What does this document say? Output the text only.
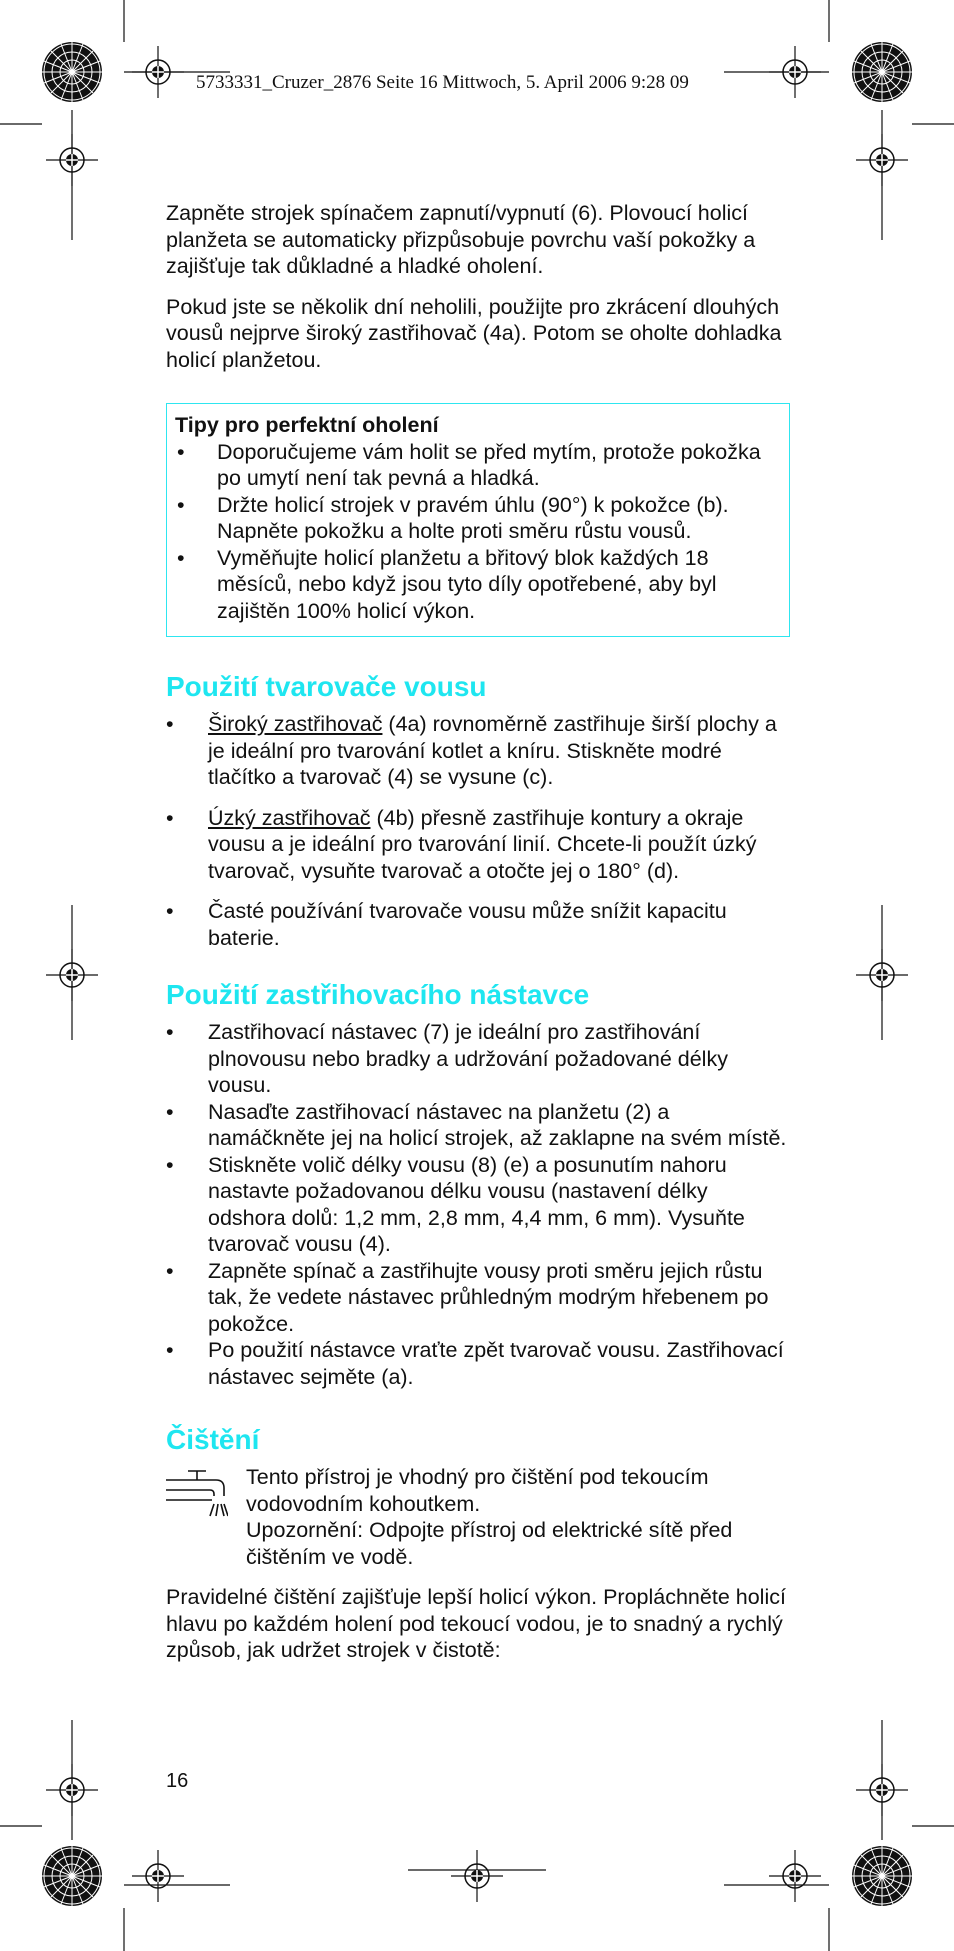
5733331_Cruzer_2876 Seite 16 Mittwoch, 5. April 2006 9:28 09

Zapněte strojek spínačem zapnutí/vypnutí (6). Plovoucí holicí planžeta se automaticky přizpůsobuje povrchu vaší pokožky a zajišťuje tak důkladné a hladké oholení.

Pokud jste se několik dní neholili, použijte pro zkrácení dlouhých vousů nejprve široký zastřihovač (4a). Potom se oholte dohladka holicí planžetou.

Tipy pro perfektní oholení
• Doporučujeme vám holit se před mytím, protože pokožka po umytí není tak pevná a hladká.
• Držte holicí strojek v pravém úhlu (90°) k pokožce (b). Napněte pokožku a holte proti směru růstu vousů.
• Vyměňujte holicí planžetu a břitový blok každých 18 měsíců, nebo když jsou tyto díly opotřebené, aby byl zajištěn 100% holicí výkon.
Použití tvarovače vousu
• Široký zastřihovač (4a) rovnoměrně zastřihuje širší plochy a je ideální pro tvarování kotlet a kníru. Stiskněte modré tlačítko a tvarovač (4) se vysune (c).
• Úzký zastřihovač (4b) přesně zastřihuje kontury a okraje vousu a je ideální pro tvarování linií. Chcete-li použít úzký tvarovač, vysuňte tvarovač a otočte jej o 180° (d).
• Časté používání tvarovače vousu může snížit kapacitu baterie.
Použití zastřihovacího nástavce
• Zastřihovací nástavec (7) je ideální pro zastřihování plnovousu nebo bradky a udržování požadované délky vousu.
• Nasaďte zastřihovací nástavec na planžetu (2) a namáčkněte jej na holicí strojek, až zaklapne na svém místě.
• Stiskněte volič délky vousu (8) (e) a posunutím nahoru nastavte požadovanou délku vousu (nastavení délky odshora dolů: 1,2 mm, 2,8 mm, 4,4 mm, 6 mm). Vysuňte tvarovač vousu (4).
• Zapněte spínač a zastřihujte vousy proti směru jejich růstu tak, že vedete nástavec průhledným modrým hřebenem po pokožce.
• Po použití nástavce vraťte zpět tvarovač vousu. Zastřihovací nástavec sejměte (a).
Čištění
Tento přístroj je vhodný pro čištění pod tekoucím vodovodním kohoutkem.
Upozornění: Odpojte přístroj od elektrické sítě před čištěním ve vodě.

Pravidelné čištění zajišťuje lepší holicí výkon. Propláchněte holicí hlavu po každém holení pod tekoucí vodou, je to snadný a rychlý způsob, jak udržet strojek v čistotě:

16
